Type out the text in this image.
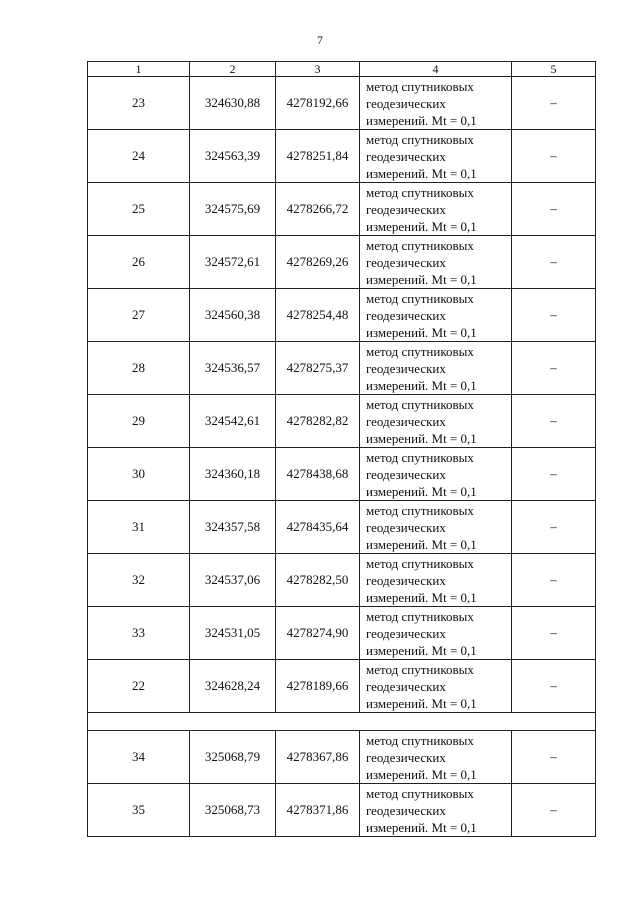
7
1	2	3	4	5
23	324630,88	4278192,66	метод спутниковых
геодезических
измерений. Mt = 0,1	–
24	324563,39	4278251,84	метод спутниковых
геодезических
измерений. Mt = 0,1	–
25	324575,69	4278266,72	метод спутниковых
геодезических
измерений. Mt = 0,1	–
26	324572,61	4278269,26	метод спутниковых
геодезических
измерений. Mt = 0,1	–
27	324560,38	4278254,48	метод спутниковых
геодезических
измерений. Mt = 0,1	–
28	324536,57	4278275,37	метод спутниковых
геодезических
измерений. Mt = 0,1	–
29	324542,61	4278282,82	метод спутниковых
геодезических
измерений. Mt = 0,1	–
30	324360,18	4278438,68	метод спутниковых
геодезических
измерений. Mt = 0,1	–
31	324357,58	4278435,64	метод спутниковых
геодезических
измерений. Mt = 0,1	–
32	324537,06	4278282,50	метод спутниковых
геодезических
измерений. Mt = 0,1	–
33	324531,05	4278274,90	метод спутниковых
геодезических
измерений. Mt = 0,1	–
22	324628,24	4278189,66	метод спутниковых
геодезических
измерений. Mt = 0,1	–

34	325068,79	4278367,86	метод спутниковых
геодезических
измерений. Mt = 0,1	–
35	325068,73	4278371,86	метод спутниковых
геодезических
измерений. Mt = 0,1	–
